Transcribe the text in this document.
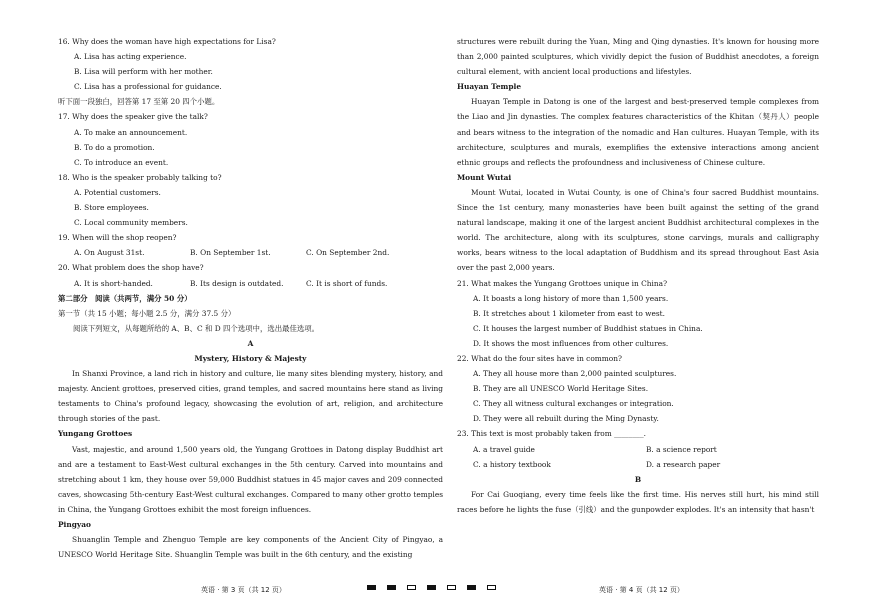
16. Why does the woman have high expectations for Lisa?
A. Lisa has acting experience.
B. Lisa will perform with her mother.
C. Lisa has a professional for guidance.
听下面一段独白，回答第 17 至第 20 四个小题。
17. Why does the speaker give the talk?
A. To make an announcement.
B. To do a promotion.
C. To introduce an event.
18. Who is the speaker probably talking to?
A. Potential customers.
B. Store employees.
C. Local community members.
19. When will the shop reopen?
A. On August 31st.	B. On September 1st.	C. On September 2nd.
20. What problem does the shop have?
A. It is short-handed.	B. Its design is outdated.	C. It is short of funds.
第二部分　阅读（共两节，满分 50 分）
第一节（共 15 小题；每小题 2.5 分，满分 37.5 分）
阅读下列短文，从每题所给的 A、B、C 和 D 四个选项中，选出最佳选项。
A
Mystery, History & Majesty
In Shanxi Province, a land rich in history and culture, lie many sites blending mystery, history, and majesty. Ancient grottoes, preserved cities, grand temples, and sacred mountains here stand as living testaments to China's profound legacy, showcasing the evolution of art, religion, and architecture through stories of the past.
Yungang Grottoes
Vast, majestic, and around 1,500 years old, the Yungang Grottoes in Datong display Buddhist art and are a testament to East-West cultural exchanges in the 5th century. Carved into mountains and stretching about 1 km, they house over 59,000 Buddhist statues in 45 major caves and 209 connected caves, showcasing 5th-century East-West cultural exchanges. Compared to many other grotto temples in China, the Yungang Grottoes exhibit the most foreign influences.
Pingyao
Shuanglin Temple and Zhenguo Temple are key components of the Ancient City of Pingyao, a UNESCO World Heritage Site. Shuanglin Temple was built in the 6th century, and the existing
structures were rebuilt during the Yuan, Ming and Qing dynasties. It's known for housing more than 2,000 painted sculptures, which vividly depict the fusion of Buddhist anecdotes, a foreign cultural element, with ancient local productions and lifestyles.
Huayan Temple
Huayan Temple in Datong is one of the largest and best-preserved temple complexes from the Liao and Jin dynasties. The complex features characteristics of the Khitan（契丹人）people and bears witness to the integration of the nomadic and Han cultures. Huayan Temple, with its architecture, sculptures and murals, exemplifies the extensive interactions among ancient ethnic groups and reflects the profoundness and inclusiveness of Chinese culture.
Mount Wutai
Mount Wutai, located in Wutai County, is one of China's four sacred Buddhist mountains. Since the 1st century, many monasteries have been built against the setting of the grand natural landscape, making it one of the largest ancient Buddhist architectural complexes in the world. The architecture, along with its sculptures, stone carvings, murals and calligraphy works, bears witness to the local adaptation of Buddhism and its spread throughout East Asia over the past 2,000 years.
21. What makes the Yungang Grottoes unique in China?
A. It boasts a long history of more than 1,500 years.
B. It stretches about 1 kilometer from east to west.
C. It houses the largest number of Buddhist statues in China.
D. It shows the most influences from other cultures.
22. What do the four sites have in common?
A. They all house more than 2,000 painted sculptures.
B. They are all UNESCO World Heritage Sites.
C. They all witness cultural exchanges or integration.
D. They were all rebuilt during the Ming Dynasty.
23. This text is most probably taken from ________.
A. a travel guide	B. a science report
C. a history textbook	D. a research paper
B
For Cai Guoqiang, every time feels like the first time. His nerves still hurt, his mind still races before he lights the fuse（引线）and the gunpowder explodes. It's an intensity that hasn't
英语 · 第 3 页（共 12 页）	英语 · 第 4 页（共 12 页）
